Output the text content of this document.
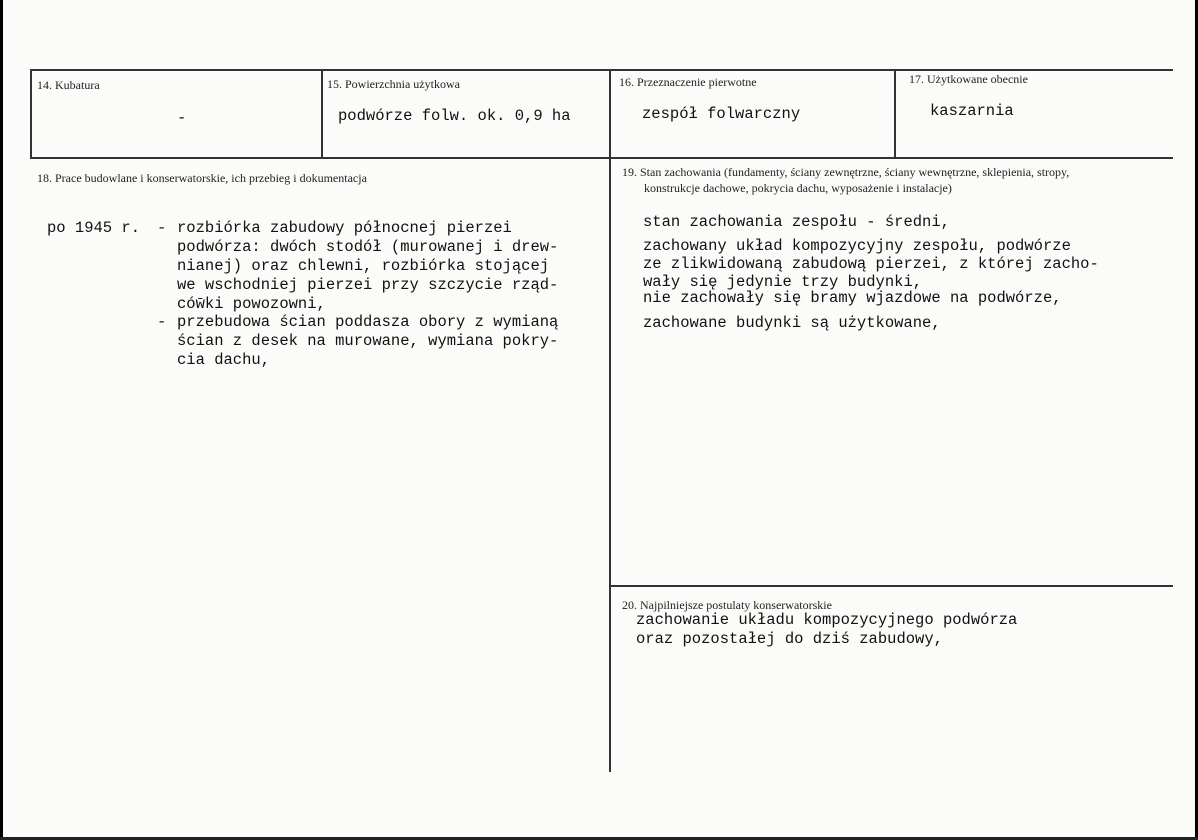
14. Kubatura
-
15. Powierzchnia użytkowa
podwórze folw. ok. 0,9 ha
16. Przeznaczenie pierwotne
zespół folwarczny
17. Użytkowane obecnie
kaszarnia
18. Prace budowlane i konserwatorskie, ich przebieg i dokumentacja
po 1945 r. - rozbiórka zabudowy północnej pierzei
podwórza: dwóch stodół (murowanej i drew-
nianej) oraz chlewni, rozbiórka stojącej
we wschodniej pierzei przy szczycie rząd-
ców̄ki powozowni,
- przebudowa ścian poddasza obory z wymianą
ścian z desek na murowane, wymiana pokry-
cia dachu,
19. Stan zachowania (fundamenty, ściany zewnętrzne, ściany wewnętrzne, sklepienia, stropy,
konstrukcje dachowe, pokrycia dachu, wyposażenie i instalacje)
stan zachowania zespołu - średni,
zachowany układ kompozycyjny zespołu, podwórze
ze zlikwidowaną zabudową pierzei, z której zacho-
wały się jedynie trzy budynki,
nie zachowały się bramy wjazdowe na podwórze,
zachowane budynki są użytkowane,
20. Najpilniejsze postulaty konserwatorskie
zachowanie układu kompozycyjnego podwórza
oraz pozostałej do dziś zabudowy,
